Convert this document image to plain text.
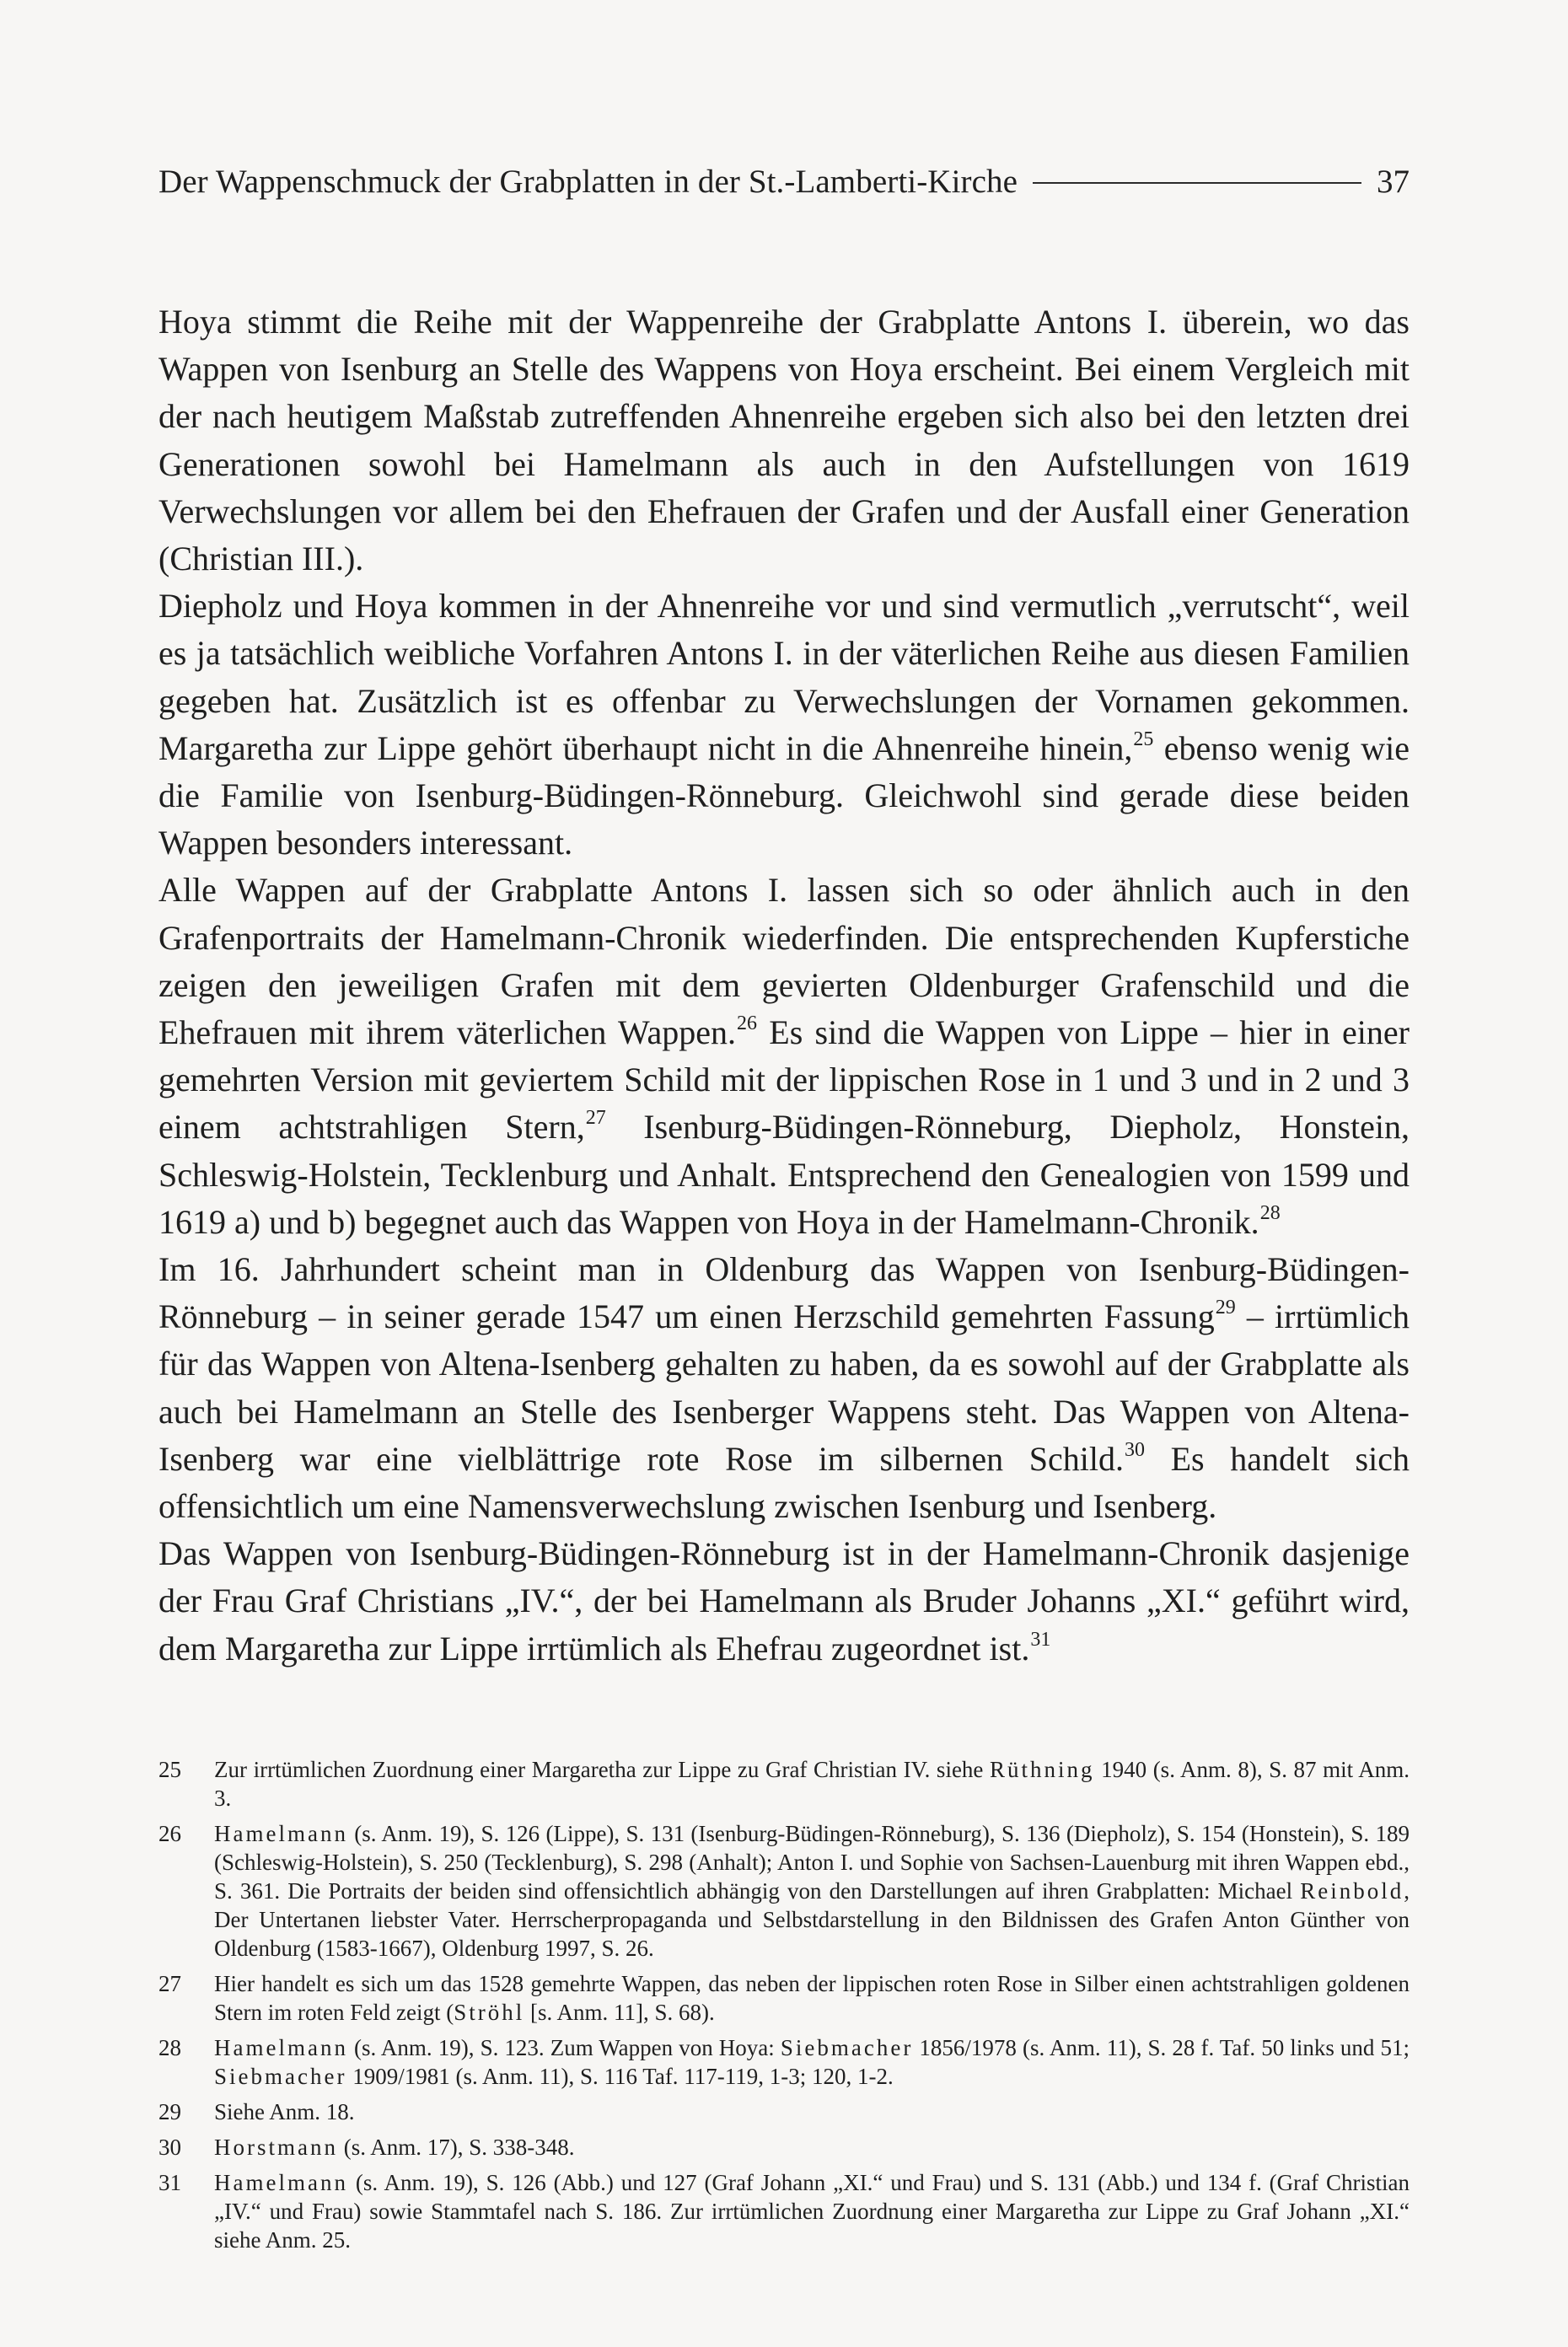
Der Wappenschmuck der Grabplatten in der St.-Lamberti-Kirche	37

Hoya stimmt die Reihe mit der Wappenreihe der Grabplatte Antons I. überein, wo das Wappen von Isenburg an Stelle des Wappens von Hoya erscheint. Bei einem Vergleich mit der nach heutigem Maßstab zutreffenden Ahnenreihe ergeben sich also bei den letzten drei Generationen sowohl bei Hamelmann als auch in den Aufstellungen von 1619 Verwechslungen vor allem bei den Ehefrauen der Grafen und der Ausfall einer Generation (Christian III.).

Diepholz und Hoya kommen in der Ahnenreihe vor und sind vermutlich „verrutscht“, weil es ja tatsächlich weibliche Vorfahren Antons I. in der väterlichen Reihe aus diesen Familien gegeben hat. Zusätzlich ist es offenbar zu Verwechslungen der Vornamen gekommen. Margaretha zur Lippe gehört überhaupt nicht in die Ahnenreihe hinein,$^{25}$ ebenso wenig wie die Familie von Isenburg-Büdingen-Rönneburg. Gleichwohl sind gerade diese beiden Wappen besonders interessant.

Alle Wappen auf der Grabplatte Antons I. lassen sich so oder ähnlich auch in den Grafenportraits der Hamelmann-Chronik wiederfinden. Die entsprechenden Kupferstiche zeigen den jeweiligen Grafen mit dem gevierten Oldenburger Grafenschild und die Ehefrauen mit ihrem väterlichen Wappen.$^{26}$ Es sind die Wappen von Lippe – hier in einer gemehrten Version mit geviertem Schild mit der lippischen Rose in 1 und 3 und in 2 und 3 einem achtstrahligen Stern,$^{27}$ Isenburg-Büdingen-Rönneburg, Diepholz, Honstein, Schleswig-Holstein, Tecklenburg und Anhalt. Entsprechend den Genealogien von 1599 und 1619 a) und b) begegnet auch das Wappen von Hoya in der Hamelmann-Chronik.$^{28}$

Im 16. Jahrhundert scheint man in Oldenburg das Wappen von Isenburg-Büdingen-Rönneburg – in seiner gerade 1547 um einen Herzschild gemehrten Fassung$^{29}$ – irrtümlich für das Wappen von Altena-Isenberg gehalten zu haben, da es sowohl auf der Grabplatte als auch bei Hamelmann an Stelle des Isenberger Wappens steht. Das Wappen von Altena-Isenberg war eine vielblättrige rote Rose im silbernen Schild.$^{30}$ Es handelt sich offensichtlich um eine Namensverwechslung zwischen Isenburg und Isenberg.

Das Wappen von Isenburg-Büdingen-Rönneburg ist in der Hamelmann-Chronik dasjenige der Frau Graf Christians „IV.“, der bei Hamelmann als Bruder Johanns „XI.“ geführt wird, dem Margaretha zur Lippe irrtümlich als Ehefrau zugeordnet ist.$^{31}$

25	Zur irrtümlichen Zuordnung einer Margaretha zur Lippe zu Graf Christian IV. siehe Rüthning 1940 (s. Anm. 8), S. 87 mit Anm. 3.
26	Hamelmann (s. Anm. 19), S. 126 (Lippe), S. 131 (Isenburg-Büdingen-Rönneburg), S. 136 (Diepholz), S. 154 (Honstein), S. 189 (Schleswig-Holstein), S. 250 (Tecklenburg), S. 298 (Anhalt); Anton I. und Sophie von Sachsen-Lauenburg mit ihren Wappen ebd., S. 361. Die Portraits der beiden sind offensichtlich abhängig von den Darstellungen auf ihren Grabplatten: Michael Reinbold, Der Untertanen liebster Vater. Herrscherpropaganda und Selbstdarstellung in den Bildnissen des Grafen Anton Günther von Oldenburg (1583-1667), Oldenburg 1997, S. 26.
27	Hier handelt es sich um das 1528 gemehrte Wappen, das neben der lippischen roten Rose in Silber einen achtstrahligen goldenen Stern im roten Feld zeigt (Ströhl [s. Anm. 11], S. 68).
28	Hamelmann (s. Anm. 19), S. 123. Zum Wappen von Hoya: Siebmacher 1856/1978 (s. Anm. 11), S. 28 f. Taf. 50 links und 51; Siebmacher 1909/1981 (s. Anm. 11), S. 116 Taf. 117-119, 1-3; 120, 1-2.
29	Siehe Anm. 18.
30	Horstmann (s. Anm. 17), S. 338-348.
31	Hamelmann (s. Anm. 19), S. 126 (Abb.) und 127 (Graf Johann „XI.“ und Frau) und S. 131 (Abb.) und 134 f. (Graf Christian „IV.“ und Frau) sowie Stammtafel nach S. 186. Zur irrtümlichen Zuordnung einer Margaretha zur Lippe zu Graf Johann „XI.“ siehe Anm. 25.
